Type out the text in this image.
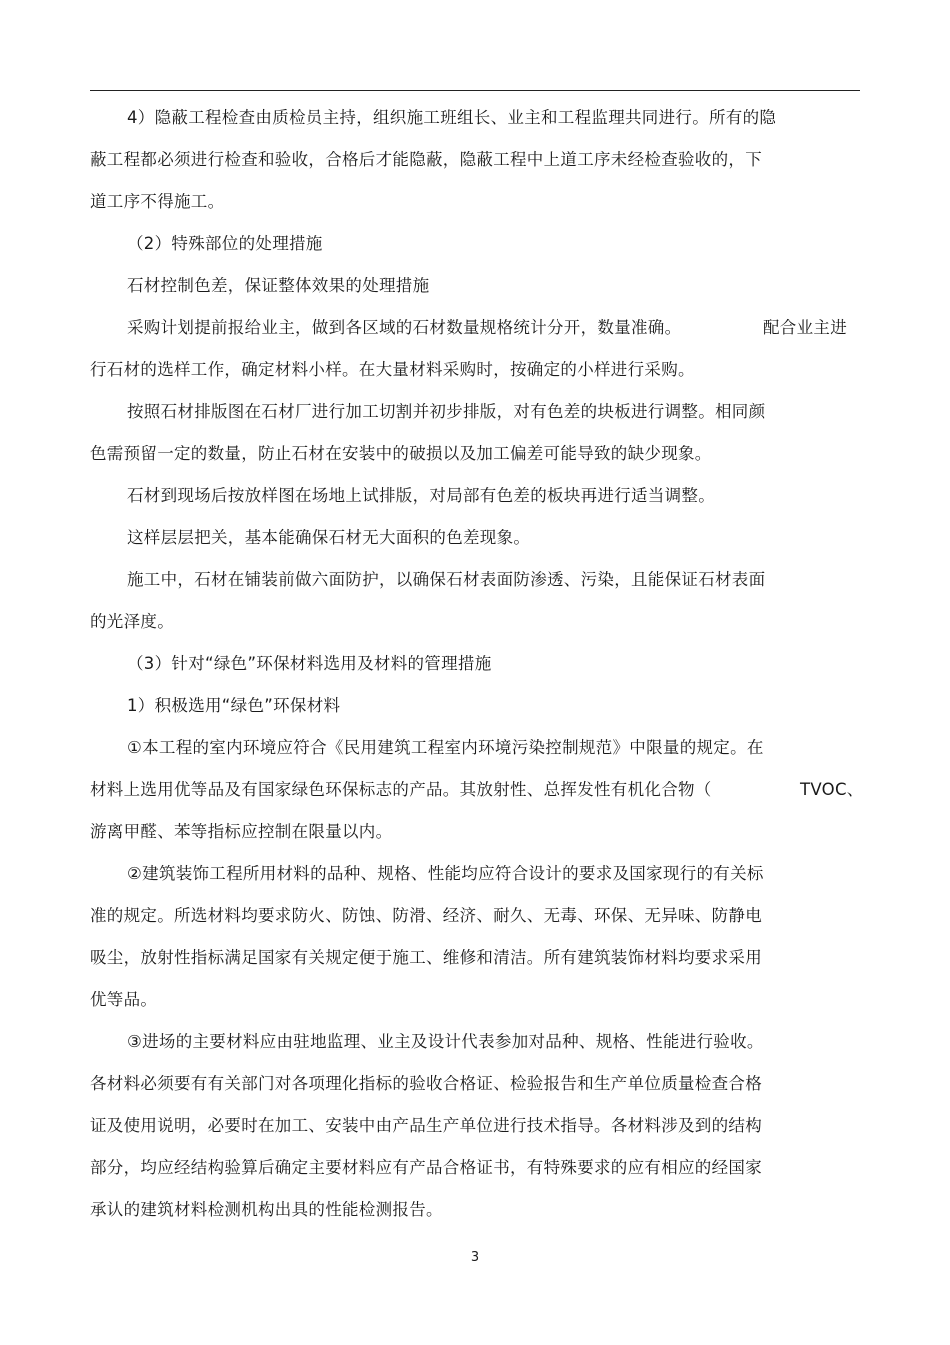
4）隐蔽工程检查由质检员主持，组织施工班组长、业主和工程监理共同进行。所有的隐
蔽工程都必须进行检查和验收，合格后才能隐蔽，隐蔽工程中上道工序未经检查验收的，下
道工序不得施工。
（2）特殊部位的处理措施
石材控制色差，保证整体效果的处理措施
采购计划提前报给业主，做到各区域的石材数量规格统计分开，数量准确。	配合业主进
行石材的选样工作，确定材料小样。在大量材料采购时，按确定的小样进行采购。
按照石材排版图在石材厂进行加工切割并初步排版，对有色差的块板进行调整。相同颜
色需预留一定的数量，防止石材在安装中的破损以及加工偏差可能导致的缺少现象。
石材到现场后按放样图在场地上试排版，对局部有色差的板块再进行适当调整。
这样层层把关，基本能确保石材无大面积的色差现象。
施工中，石材在铺装前做六面防护，以确保石材表面防渗透、污染，且能保证石材表面
的光泽度。
（3）针对“绿色”环保材料选用及材料的管理措施
1）积极选用“绿色”环保材料
①本工程的室内环境应符合《民用建筑工程室内环境污染控制规范》中限量的规定。在
材料上选用优等品及有国家绿色环保标志的产品。其放射性、总挥发性有机化合物（	TVOC、
游离甲醛、苯等指标应控制在限量以内。
②建筑装饰工程所用材料的品种、规格、性能均应符合设计的要求及国家现行的有关标
准的规定。所选材料均要求防火、防蚀、防滑、经济、耐久、无毒、环保、无异味、防静电
吸尘，放射性指标满足国家有关规定便于施工、维修和清洁。所有建筑装饰材料均要求采用
优等品。
③进场的主要材料应由驻地监理、业主及设计代表参加对品种、规格、性能进行验收。
各材料必须要有有关部门对各项理化指标的验收合格证、检验报告和生产单位质量检查合格
证及使用说明，必要时在加工、安装中由产品生产单位进行技术指导。各材料涉及到的结构
部分，均应经结构验算后确定主要材料应有产品合格证书，有特殊要求的应有相应的经国家
承认的建筑材料检测机构出具的性能检测报告。
3
